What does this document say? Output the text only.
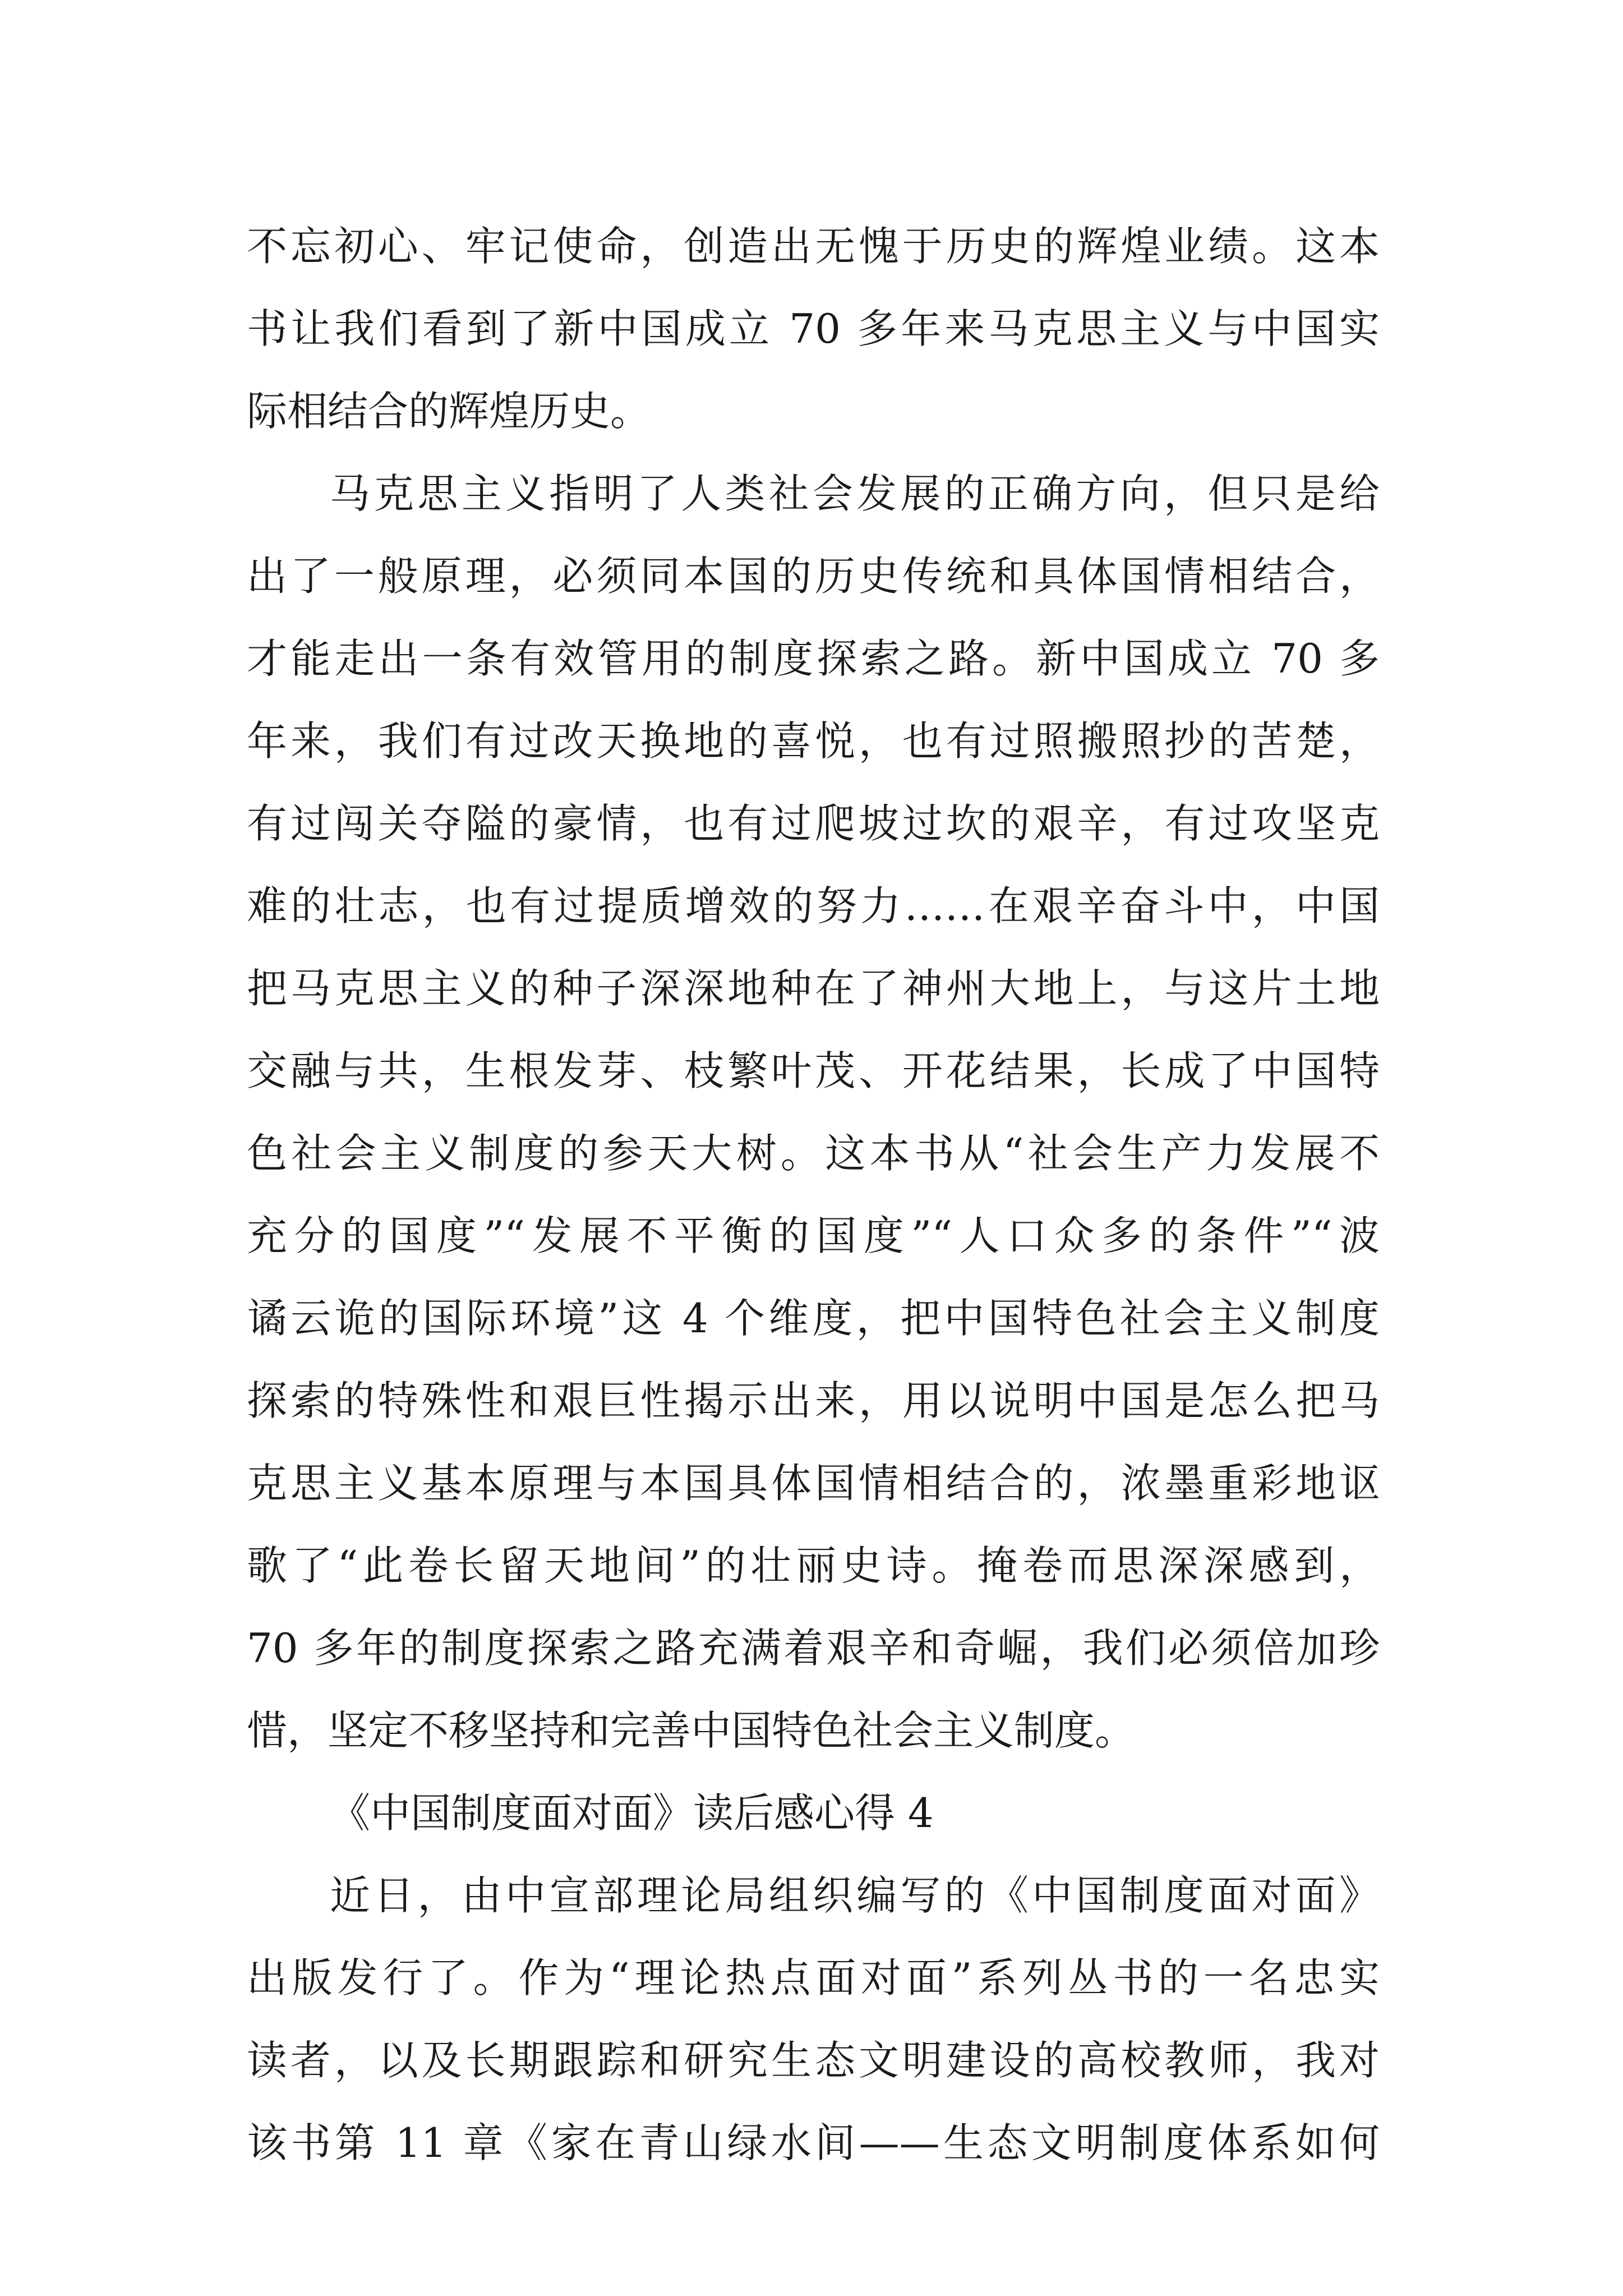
不忘初心、牢记使命，创造出无愧于历史的辉煌业绩。这本
书让我们看到了新中国成立 70 多年来马克思主义与中国实
际相结合的辉煌历史。
马克思主义指明了人类社会发展的正确方向，但只是给
出了一般原理，必须同本国的历史传统和具体国情相结合，
才能走出一条有效管用的制度探索之路。新中国成立 70 多
年来，我们有过改天换地的喜悦，也有过照搬照抄的苦楚，
有过闯关夺隘的豪情，也有过爬坡过坎的艰辛，有过攻坚克
难的壮志，也有过提质增效的努力……在艰辛奋斗中，中国
把马克思主义的种子深深地种在了神州大地上，与这片土地
交融与共，生根发芽、枝繁叶茂、开花结果，长成了中国特
色社会主义制度的参天大树。这本书从“社会生产力发展不
充分的国度”“发展不平衡的国度”“人口众多的条件”“波
谲云诡的国际环境”这 4 个维度，把中国特色社会主义制度
探索的特殊性和艰巨性揭示出来，用以说明中国是怎么把马
克思主义基本原理与本国具体国情相结合的，浓墨重彩地讴
歌了“此卷长留天地间”的壮丽史诗。掩卷而思深深感到，
70 多年的制度探索之路充满着艰辛和奇崛，我们必须倍加珍
惜，坚定不移坚持和完善中国特色社会主义制度。
《中国制度面对面》读后感心得 4
近日，由中宣部理论局组织编写的《中国制度面对面》
出版发行了。作为“理论热点面对面”系列丛书的一名忠实
读者，以及长期跟踪和研究生态文明建设的高校教师，我对
该书第 11 章《家在青山绿水间——生态文明制度体系如何
